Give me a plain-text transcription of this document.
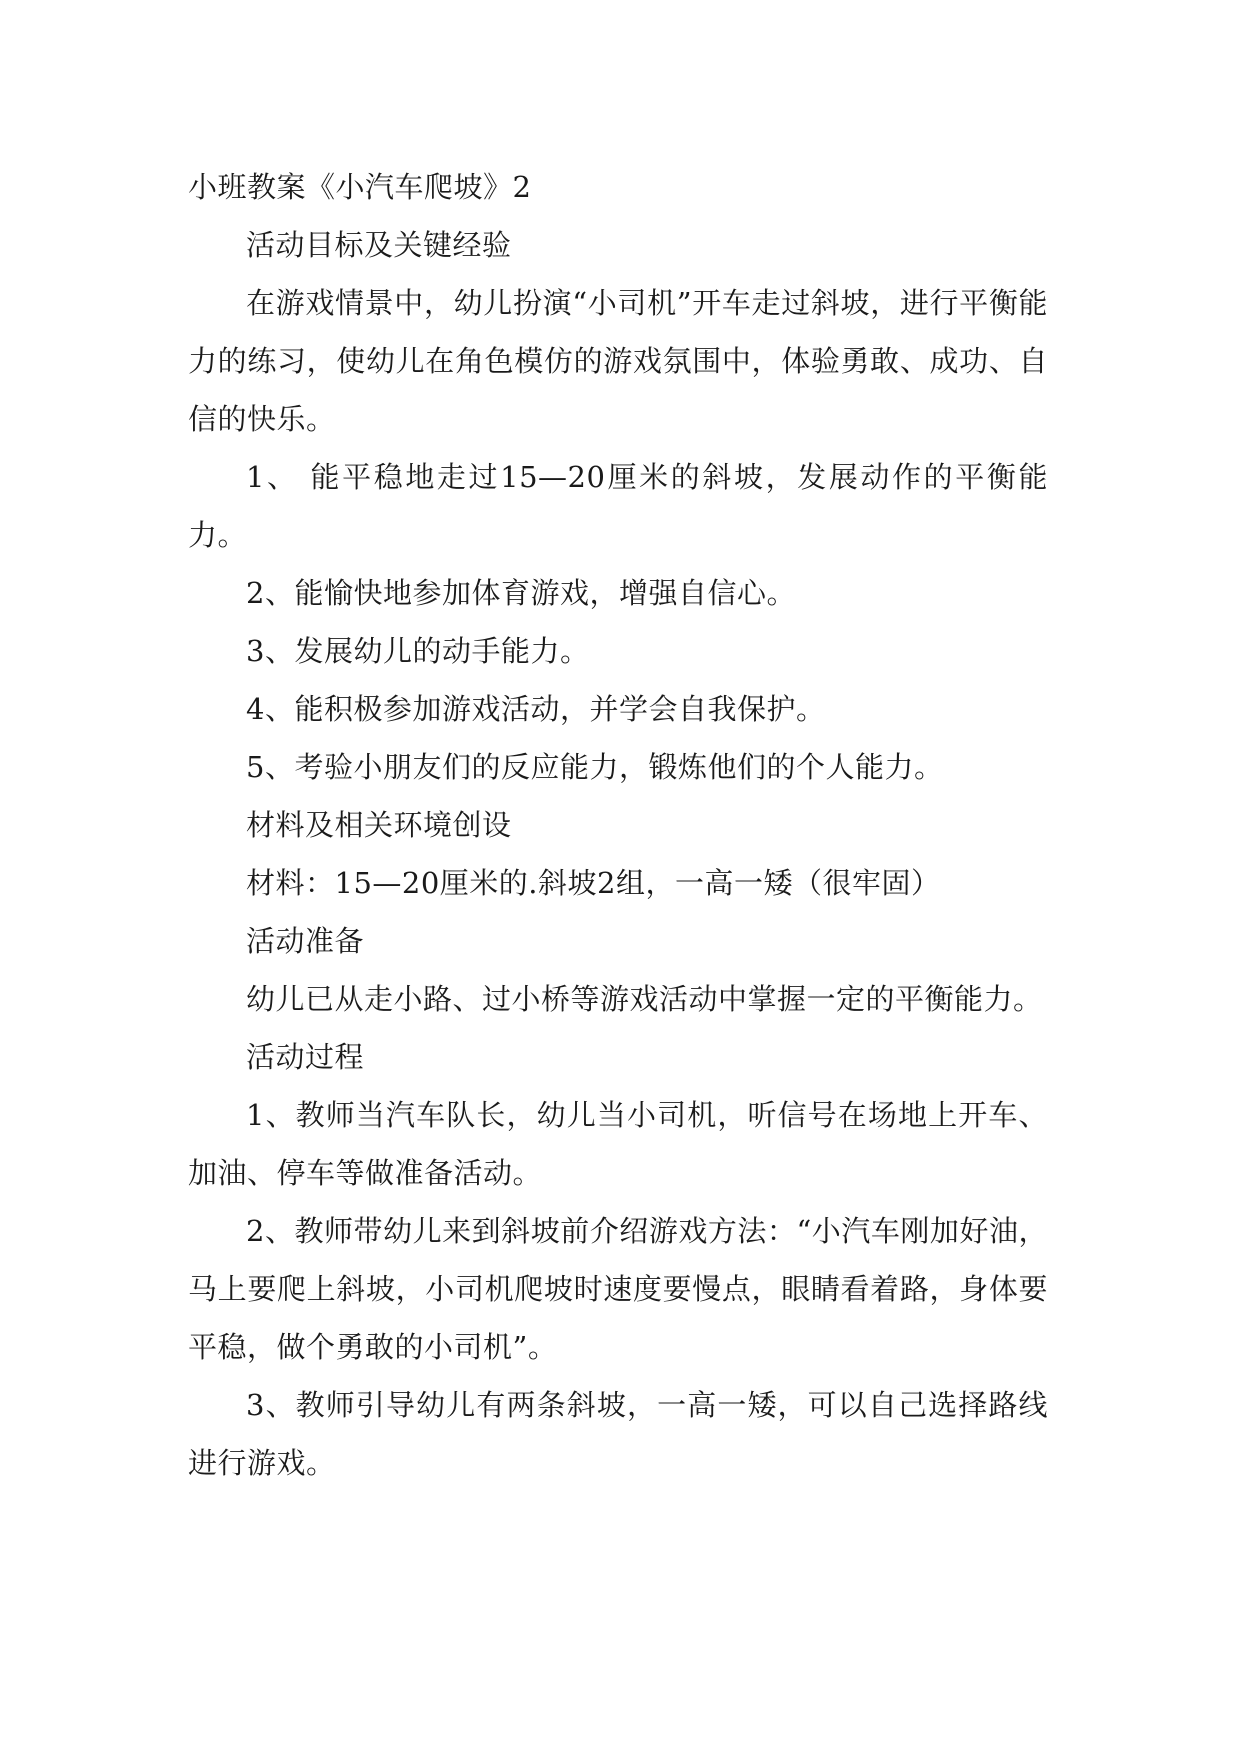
小班教案《小汽车爬坡》2

活动目标及关键经验

在游戏情景中，幼儿扮演“小司机”开车走过斜坡，进行平衡能力的练习，使幼儿在角色模仿的游戏氛围中，体验勇敢、成功、自信的快乐。

1、 能平稳地走过15—20厘米的斜坡，发展动作的平衡能力。

2、能愉快地参加体育游戏，增强自信心。

3、发展幼儿的动手能力。

4、能积极参加游戏活动，并学会自我保护。

5、考验小朋友们的反应能力，锻炼他们的个人能力。

材料及相关环境创设

材料：15—20厘米的.斜坡2组，一高一矮（很牢固）

活动准备

幼儿已从走小路、过小桥等游戏活动中掌握一定的平衡能力。

活动过程

1、教师当汽车队长，幼儿当小司机，听信号在场地上开车、加油、停车等做准备活动。

2、教师带幼儿来到斜坡前介绍游戏方法：“小汽车刚加好油，马上要爬上斜坡，小司机爬坡时速度要慢点，眼睛看着路，身体要平稳，做个勇敢的小司机”。

3、教师引导幼儿有两条斜坡，一高一矮，可以自己选择路线进行游戏。
